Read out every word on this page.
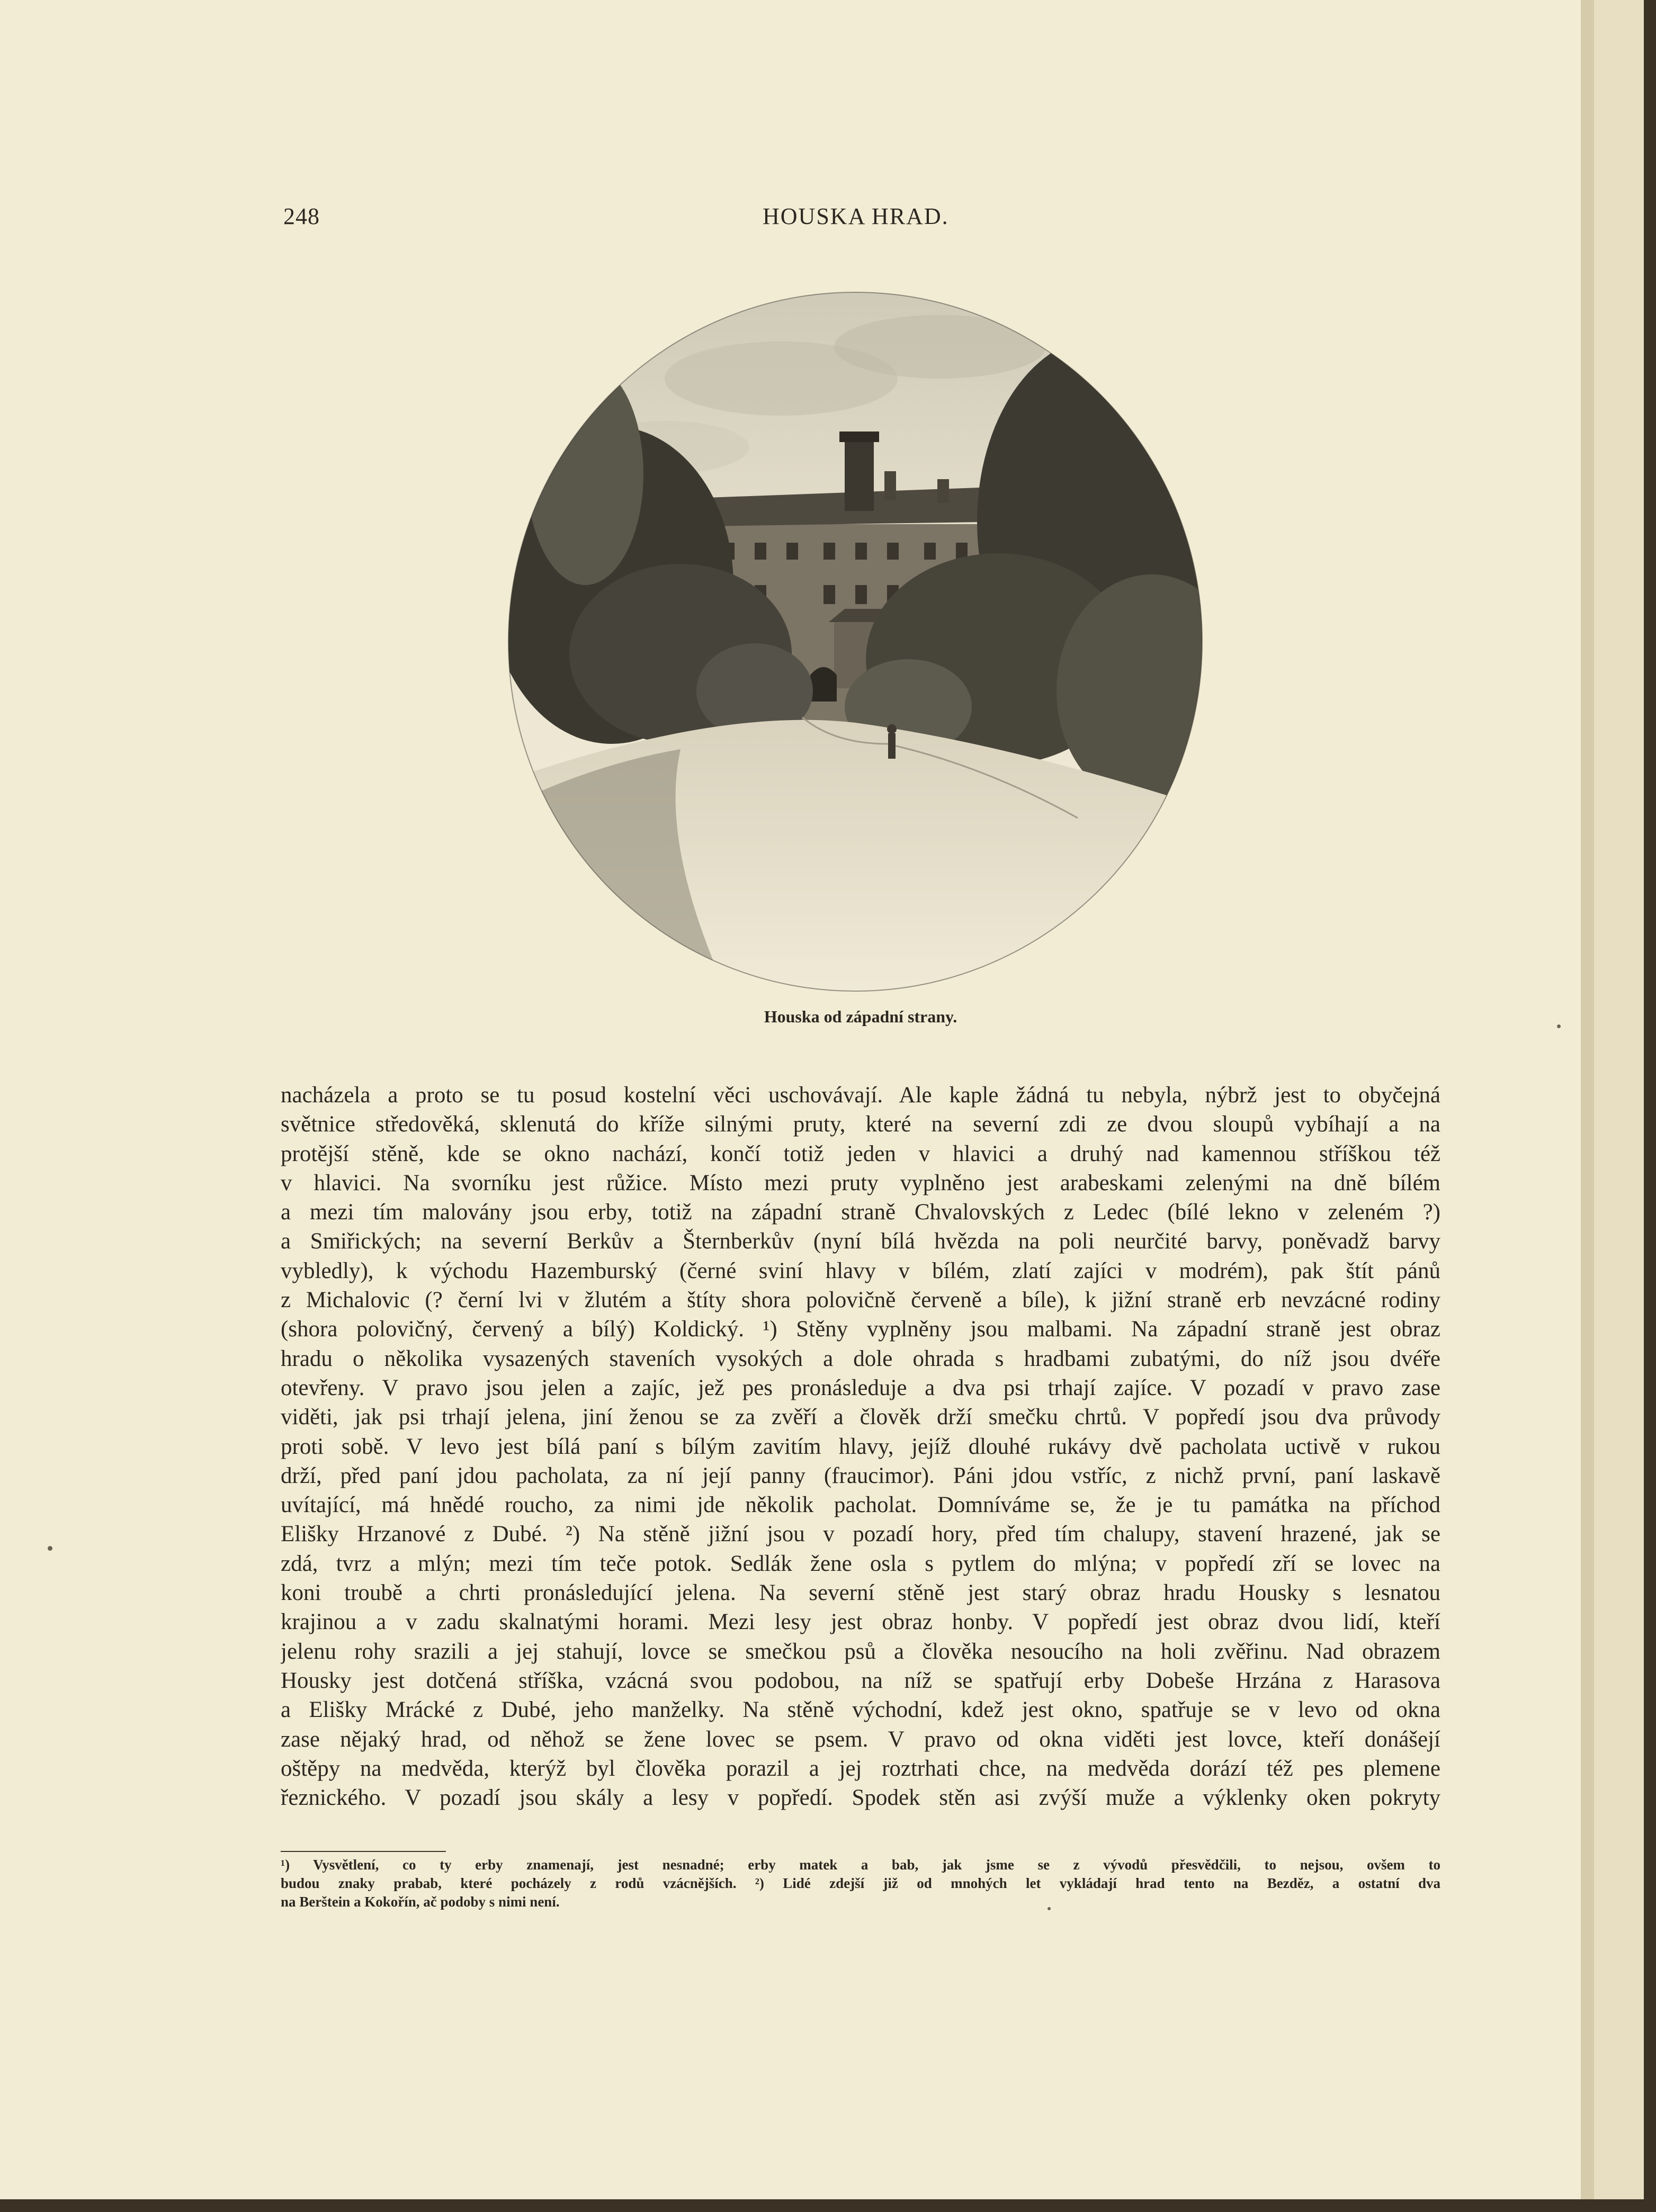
248	HOUSKA HRAD.
Houska od západní strany.
nacházela a proto se tu posud kostelní věci uschovávají. Ale kaple žádná tu nebyla, nýbrž jest to obyčejná
světnice středověká, sklenutá do kříže silnými pruty, které na severní zdi ze dvou sloupů vybíhají a na
protější stěně, kde se okno nachází, končí totiž jeden v hlavici a druhý nad kamennou stříškou též
v hlavici. Na svorníku jest růžice. Místo mezi pruty vyplněno jest arabeskami zelenými na dně bílém
a mezi tím malovány jsou erby, totiž na západní straně Chvalovských z Ledec (bílé lekno v zeleném ?)
a Smiřických; na severní Berkův a Šternberkův (nyní bílá hvězda na poli neurčité barvy, poněvadž barvy
vybledly), k východu Hazemburský (černé sviní hlavy v bílém, zlatí zajíci v modrém), pak štít pánů
z Michalovic (? černí lvi v žlutém a štíty shora polovičně červeně a bíle), k jižní straně erb nevzácné rodiny
(shora polovičný, červený a bílý) Koldický. ¹) Stěny vyplněny jsou malbami. Na západní straně jest obraz
hradu o několika vysazených staveních vysokých a dole ohrada s hradbami zubatými, do níž jsou dvéře
otevřeny. V pravo jsou jelen a zajíc, jež pes pronásleduje a dva psi trhají zajíce. V pozadí v pravo zase
viděti, jak psi trhají jelena, jiní ženou se za zvěří a člověk drží smečku chrtů. V popředí jsou dva průvody
proti sobě. V levo jest bílá paní s bílým zavitím hlavy, jejíž dlouhé rukávy dvě pacholata uctivě v rukou
drží, před paní jdou pacholata, za ní její panny (fraucimor). Páni jdou vstříc, z nichž první, paní laskavě
uvítající, má hnědé roucho, za nimi jde několik pacholat. Domníváme se, že je tu památka na příchod
Elišky Hrzanové z Dubé. ²) Na stěně jižní jsou v pozadí hory, před tím chalupy, stavení hrazené, jak se
zdá, tvrz a mlýn; mezi tím teče potok. Sedlák žene osla s pytlem do mlýna; v popředí zří se lovec na
koni troubě a chrti pronásledující jelena. Na severní stěně jest starý obraz hradu Housky s lesnatou
krajinou a v zadu skalnatými horami. Mezi lesy jest obraz honby. V popředí jest obraz dvou lidí, kteří
jelenu rohy srazili a jej stahují, lovce se smečkou psů a člověka nesoucího na holi zvěřinu. Nad obrazem
Housky jest dotčená stříška, vzácná svou podobou, na níž se spatřují erby Dobeše Hrzána z Harasova
a Elišky Mrácké z Dubé, jeho manželky. Na stěně východní, kdež jest okno, spatřuje se v levo od okna
zase nějaký hrad, od něhož se žene lovec se psem. V pravo od okna viděti jest lovce, kteří donášejí
oštěpy na medvěda, kterýž byl člověka porazil a jej roztrhati chce, na medvěda dorází též pes plemene
řeznického. V pozadí jsou skály a lesy v popředí. Spodek stěn asi zvýší muže a výklenky oken pokryty
¹) Vysvětlení, co ty erby znamenají, jest nesnadné; erby matek a bab, jak jsme se z vývodů přesvědčili, to nejsou, ovšem to
budou znaky prabab, které pocházely z rodů vzácnějších. ²) Lidé zdejší již od mnohých let vykládají hrad tento na Bezděz, a ostatní dva
na Berštein a Kokořín, ač podoby s nimi není.
